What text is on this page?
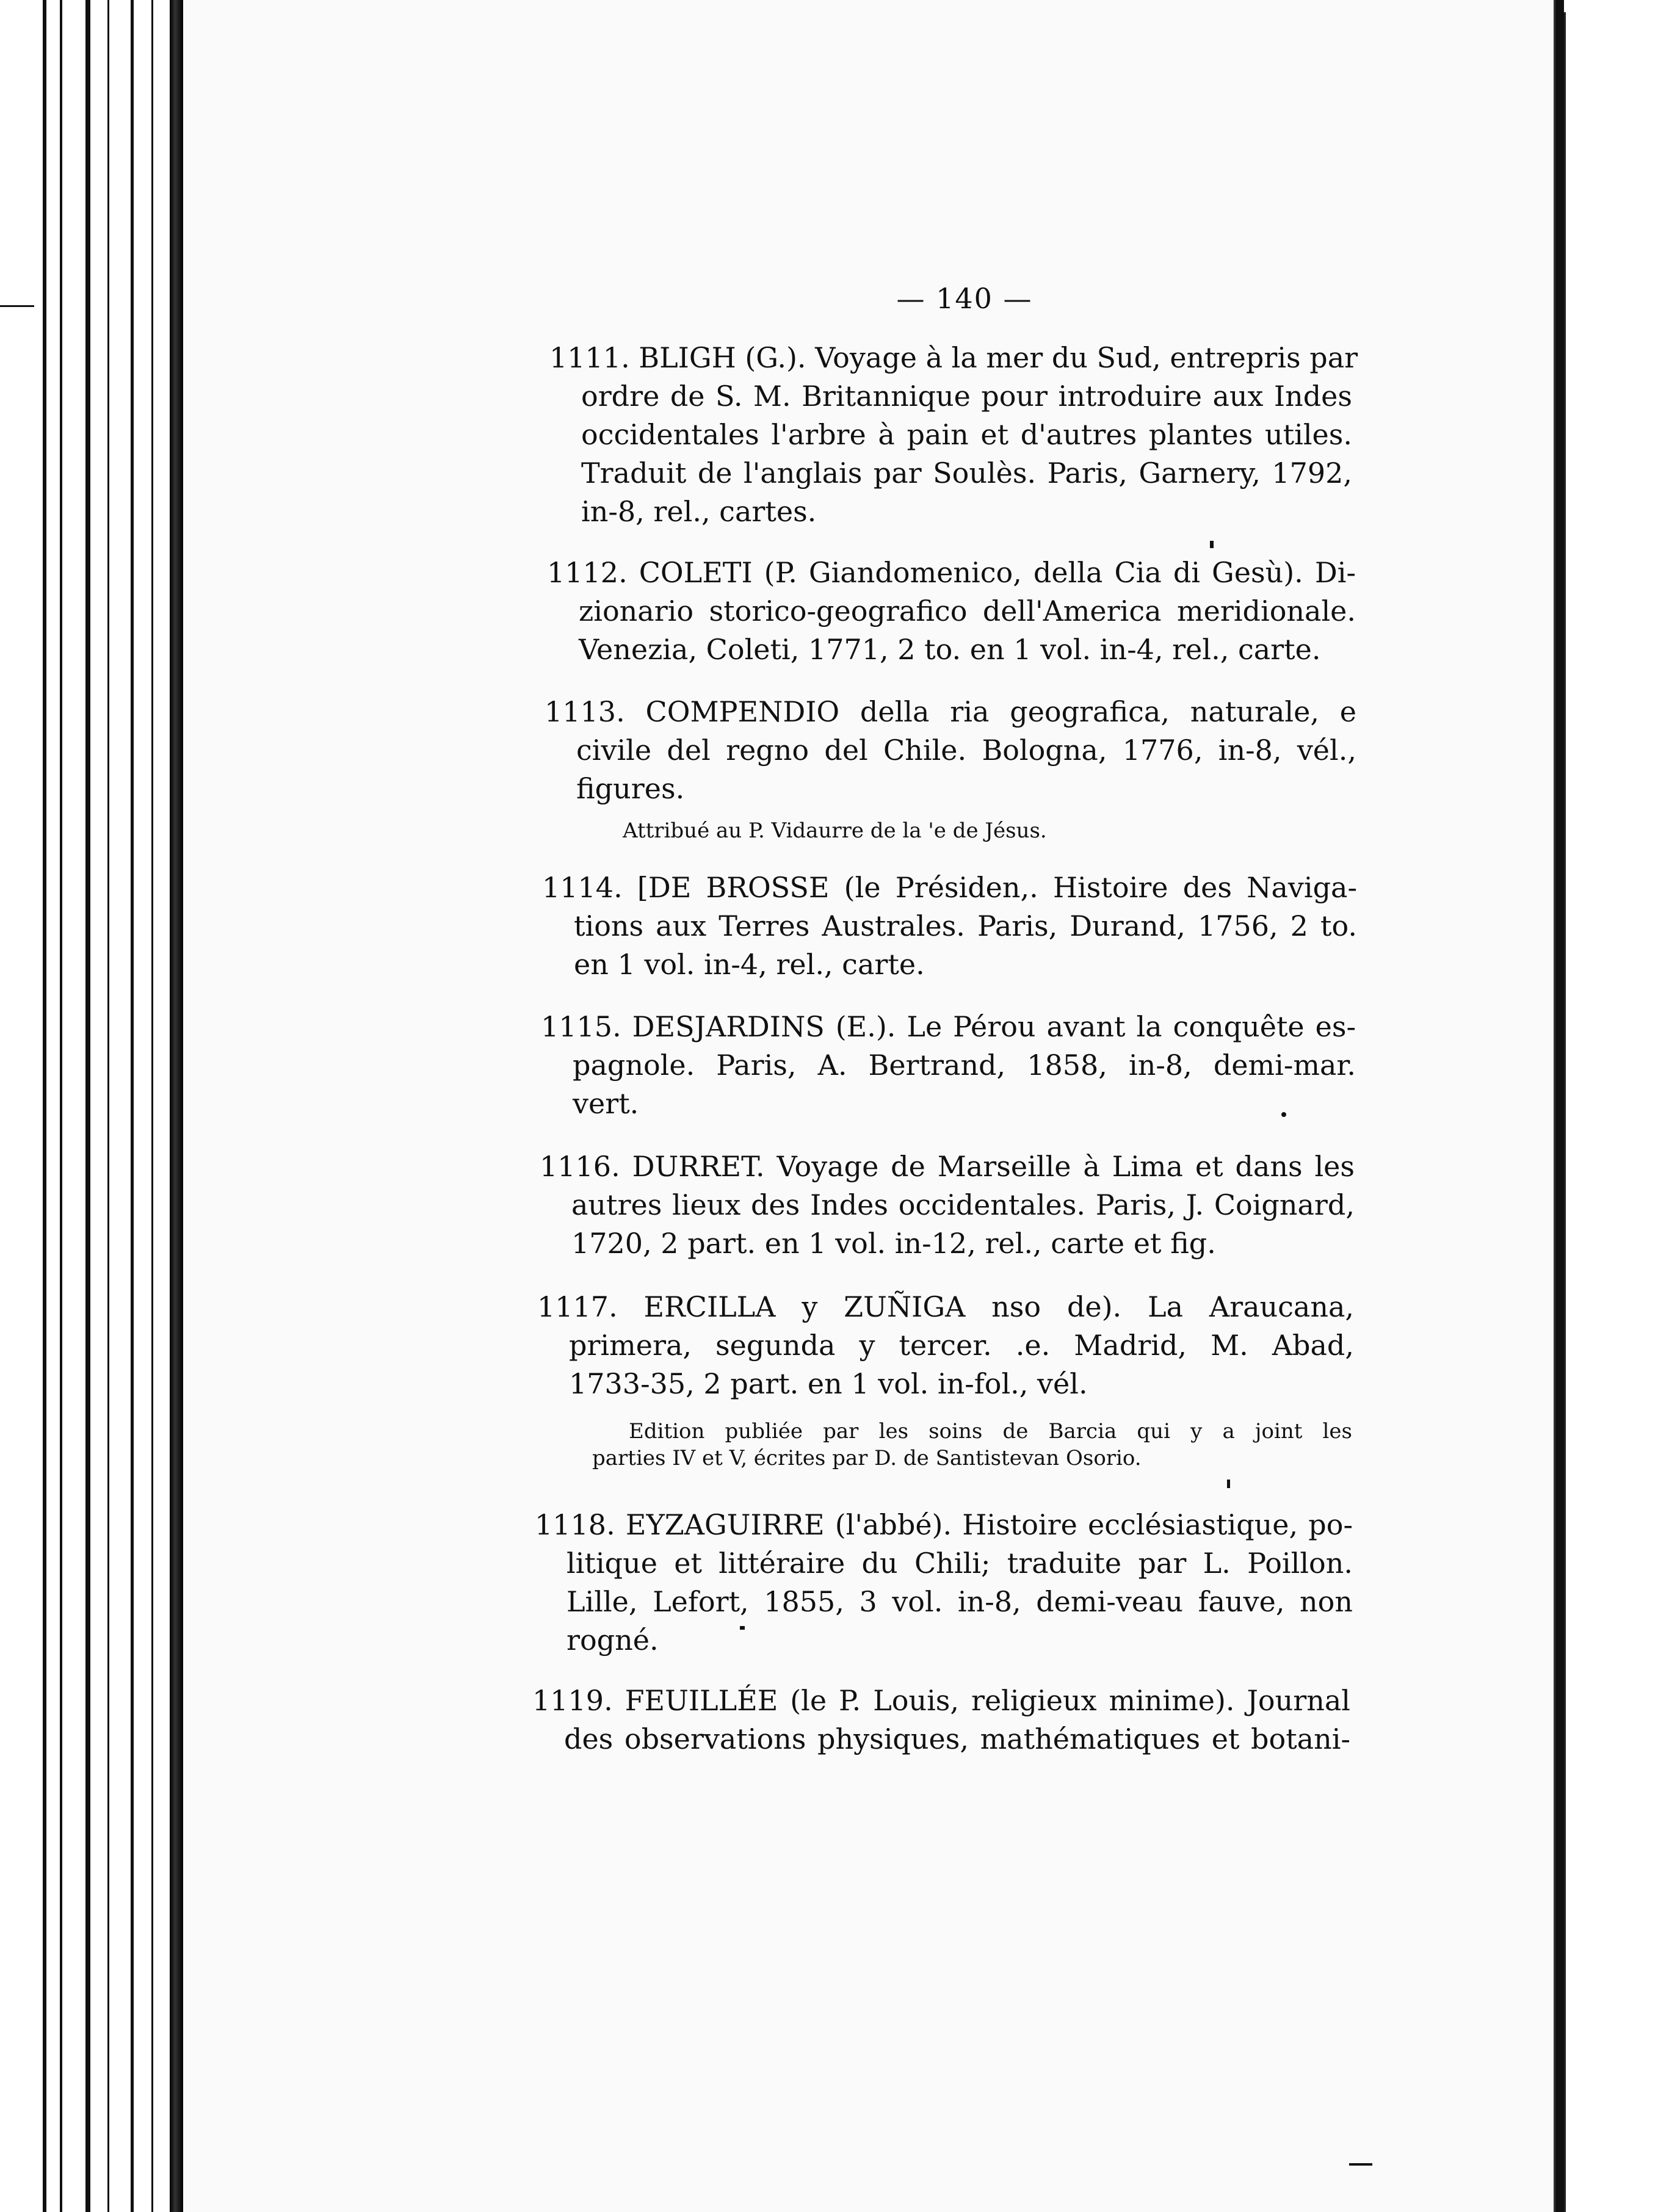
— 140 —
1111. BLIGH (G.). Voyage à la mer du Sud, entrepris par
ordre de S. M. Britannique pour introduire aux Indes
occidentales l'arbre à pain et d'autres plantes utiles.
Traduit de l'anglais par Soulès. Paris, Garnery, 1792,
in-8, rel., cartes.
1112. COLETI (P. Giandomenico, della Cia di Gesù). Di-
zionario storico-geografico dell'America meridionale.
Venezia, Coleti, 1771, 2 to. en 1 vol. in-4, rel., carte.
1113. COMPENDIO della ria geografica, naturale, e
civile del regno del Chile. Bologna, 1776, in-8, vél.,
figures.
Attribué au P. Vidaurre de la 'e de Jésus.
1114. [DE BROSSE (le Présiden,. Histoire des Naviga-
tions aux Terres Australes. Paris, Durand, 1756, 2 to.
en 1 vol. in-4, rel., carte.
1115. DESJARDINS (E.). Le Pérou avant la conquête es-
pagnole. Paris, A. Bertrand, 1858, in-8, demi-mar.
vert.
1116. DURRET. Voyage de Marseille à Lima et dans les
autres lieux des Indes occidentales. Paris, J. Coignard,
1720, 2 part. en 1 vol. in-12, rel., carte et fig.
1117. ERCILLA y ZUÑIGA nso de). La Araucana,
primera, segunda y tercer. .e. Madrid, M. Abad,
1733-35, 2 part. en 1 vol. in-fol., vél.
Edition publiée par les soins de Barcia qui y a joint les
parties IV et V, écrites par D. de Santistevan Osorio.
1118. EYZAGUIRRE (l'abbé). Histoire ecclésiastique, po-
litique et littéraire du Chili; traduite par L. Poillon.
Lille, Lefort, 1855, 3 vol. in-8, demi-veau fauve, non
rogné.
1119. FEUILLÉE (le P. Louis, religieux minime). Journal
des observations physiques, mathématiques et botani-
